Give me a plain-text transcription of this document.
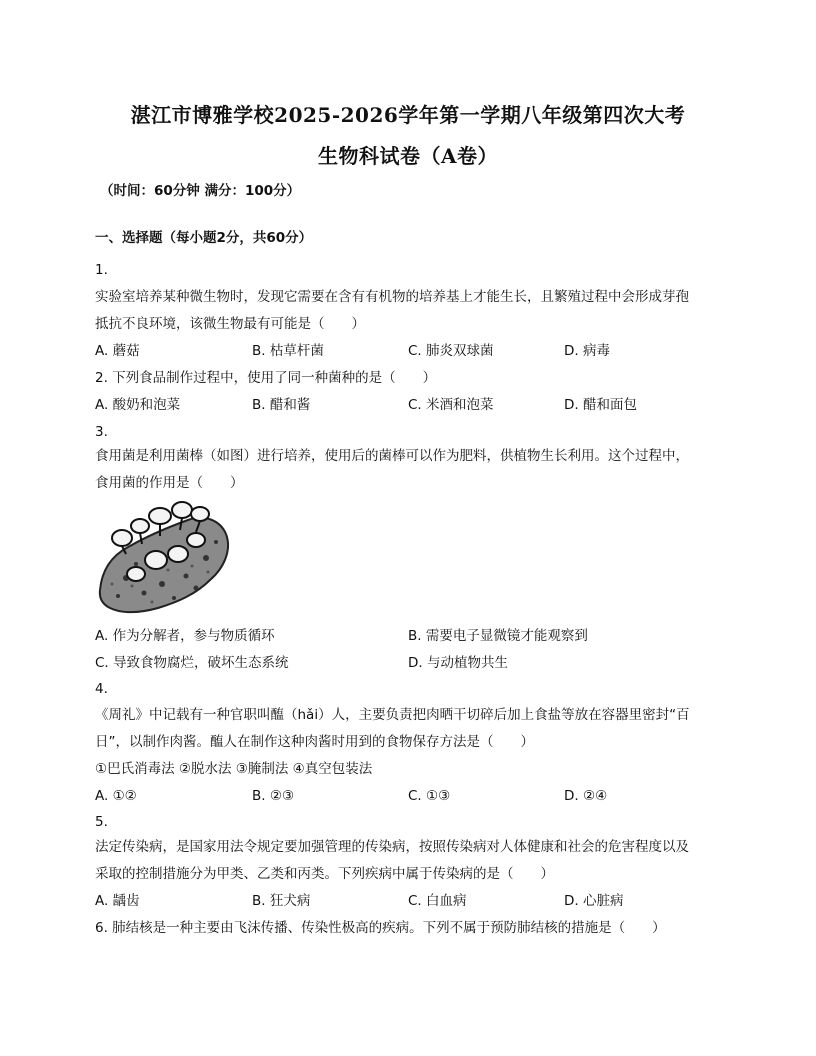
湛江市博雅学校2025-2026学年第一学期八年级第四次大考
生物科试卷（A卷）
（时间：60分钟 满分：100分）
一、选择题（每小题2分，共60分）
1.
实验室培养某种微生物时，发现它需要在含有有机物的培养基上才能生长，且繁殖过程中会形成芽孢
抵抗不良环境，该微生物最有可能是（　　）
A. 蘑菇	B. 枯草杆菌	C. 肺炎双球菌	D. 病毒
2. 下列食品制作过程中，使用了同一种菌种的是（　　）
A. 酸奶和泡菜	B. 醋和酱	C. 米酒和泡菜	D. 醋和面包
3.
食用菌是利用菌棒（如图）进行培养，使用后的菌棒可以作为肥料，供植物生长利用。这个过程中，
食用菌的作用是（　　）
A. 作为分解者，参与物质循环	B. 需要电子显微镜才能观察到
C. 导致食物腐烂，破坏生态系统	D. 与动植物共生
4.
《周礼》中记载有一种官职叫醢（hǎi）人，主要负责把肉晒干切碎后加上食盐等放在容器里密封“百
日”，以制作肉酱。醢人在制作这种肉酱时用到的食物保存方法是（　　）
①巴氏消毒法 ②脱水法 ③腌制法 ④真空包装法
A. ①②	B. ②③	C. ①③	D. ②④
5.
法定传染病，是国家用法令规定要加强管理的传染病，按照传染病对人体健康和社会的危害程度以及
采取的控制措施分为甲类、乙类和丙类。下列疾病中属于传染病的是（　　）
A. 龋齿	B. 狂犬病	C. 白血病	D. 心脏病
6. 肺结核是一种主要由飞沫传播、传染性极高的疾病。下列不属于预防肺结核的措施是（　　）
